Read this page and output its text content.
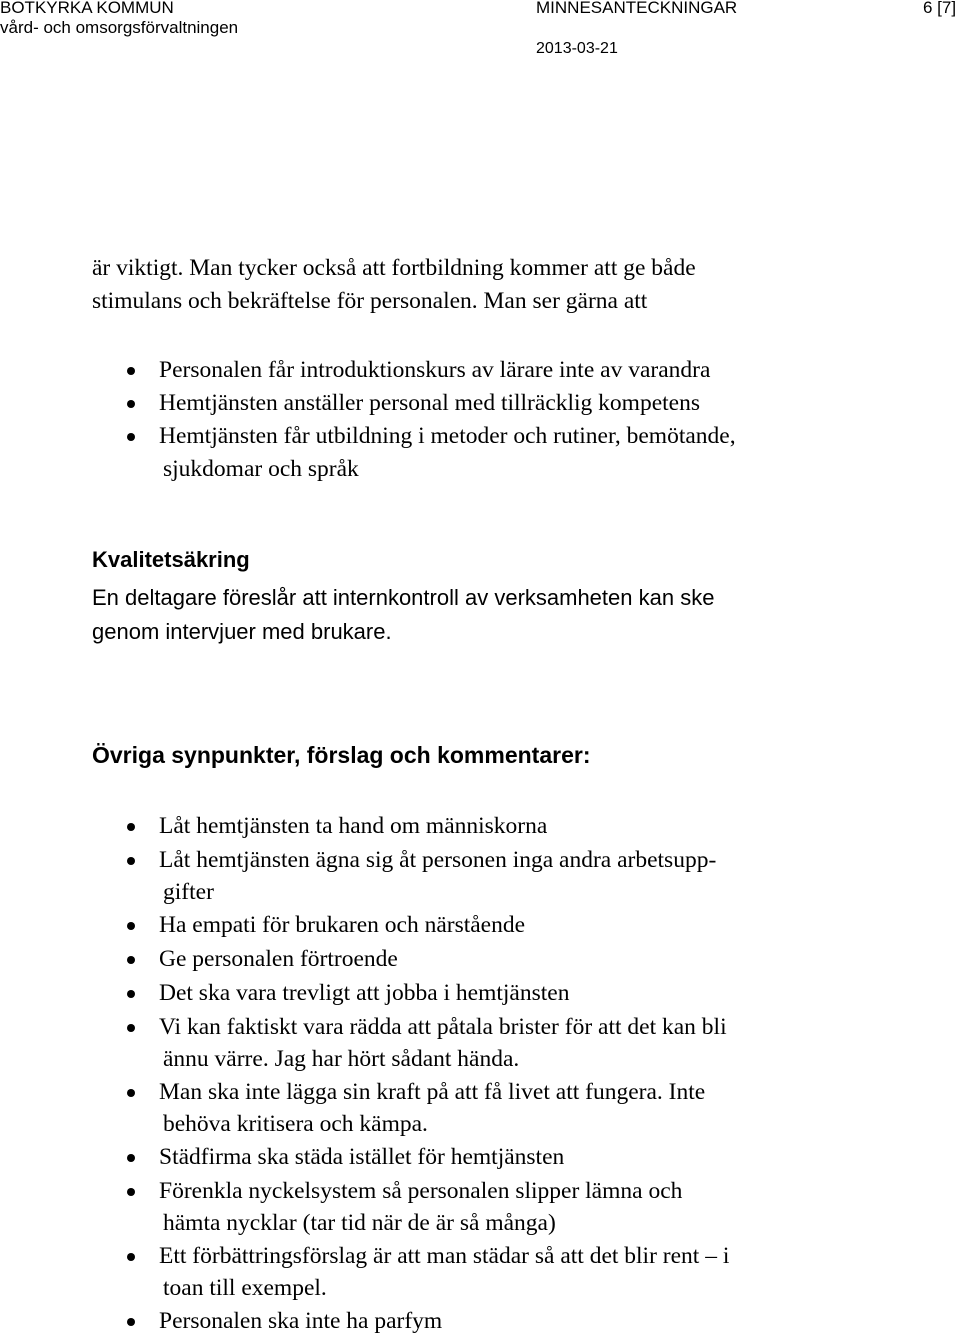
BOTKYRKA KOMMUN
vård- och omsorgsförvaltningen
MINNESANTECKNINGAR	6 [7]
2013-03-21

är viktigt. Man tycker också att fortbildning kommer att ge både

stimulans och bekräftelse för personalen. Man ser gärna att

Personalen får introduktionskurs av lärare inte av varandra
Hemtjänsten anställer personal med tillräcklig kompetens
Hemtjänsten får utbildning i metoder och rutiner, bemötande,
sjukdomar och språk
Kvalitetsäkring
En deltagare föreslår att internkontroll av verksamheten kan ske
genom intervjuer med brukare.
Övriga synpunkter, förslag och kommentarer:
Låt hemtjänsten ta hand om människorna
Låt hemtjänsten ägna sig åt personen inga andra arbetsupp-
gifter
Ha empati för brukaren och närstående
Ge personalen förtroende
Det ska vara trevligt att jobba i hemtjänsten
Vi kan faktiskt vara rädda att påtala brister för att det kan bli
ännu värre. Jag har hört sådant hända.
Man ska inte lägga sin kraft på att få livet att fungera. Inte
behöva kritisera och kämpa.
Städfirma ska städa istället för hemtjänsten
Förenkla nyckelsystem så personalen slipper lämna och
hämta nycklar (tar tid när de är så många)
Ett förbättringsförslag är att man städar så att det blir rent – i
toan till exempel.
Personalen ska inte ha parfym
